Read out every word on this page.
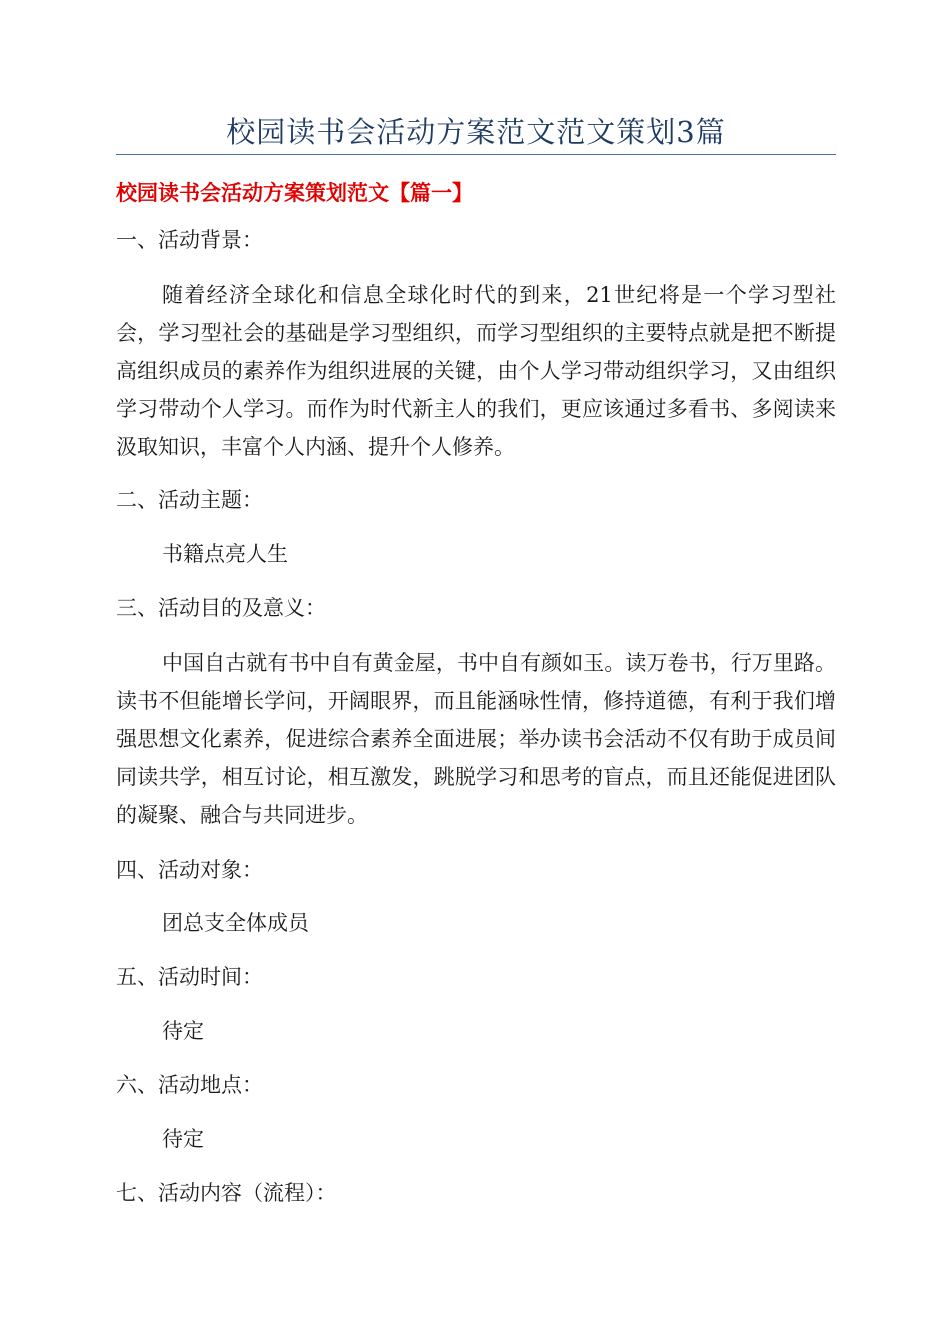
校园读书会活动方案范文范文策划3篇
校园读书会活动方案策划范文【篇一】
一、活动背景：
随着经济全球化和信息全球化时代的到来，21世纪将是一个学习型社会，学习型社会的基础是学习型组织，而学习型组织的主要特点就是把不断提高组织成员的素养作为组织进展的关键，由个人学习带动组织学习，又由组织学习带动个人学习。而作为时代新主人的我们，更应该通过多看书、多阅读来汲取知识，丰富个人内涵、提升个人修养。
二、活动主题：
书籍点亮人生
三、活动目的及意义：
中国自古就有书中自有黄金屋，书中自有颜如玉。读万卷书，行万里路。读书不但能增长学问，开阔眼界，而且能涵咏性情，修持道德，有利于我们增强思想文化素养，促进综合素养全面进展；举办读书会活动不仅有助于成员间同读共学，相互讨论，相互激发，跳脱学习和思考的盲点，而且还能促进团队的凝聚、融合与共同进步。
四、活动对象：
团总支全体成员
五、活动时间：
待定
六、活动地点：
待定
七、活动内容（流程）：
